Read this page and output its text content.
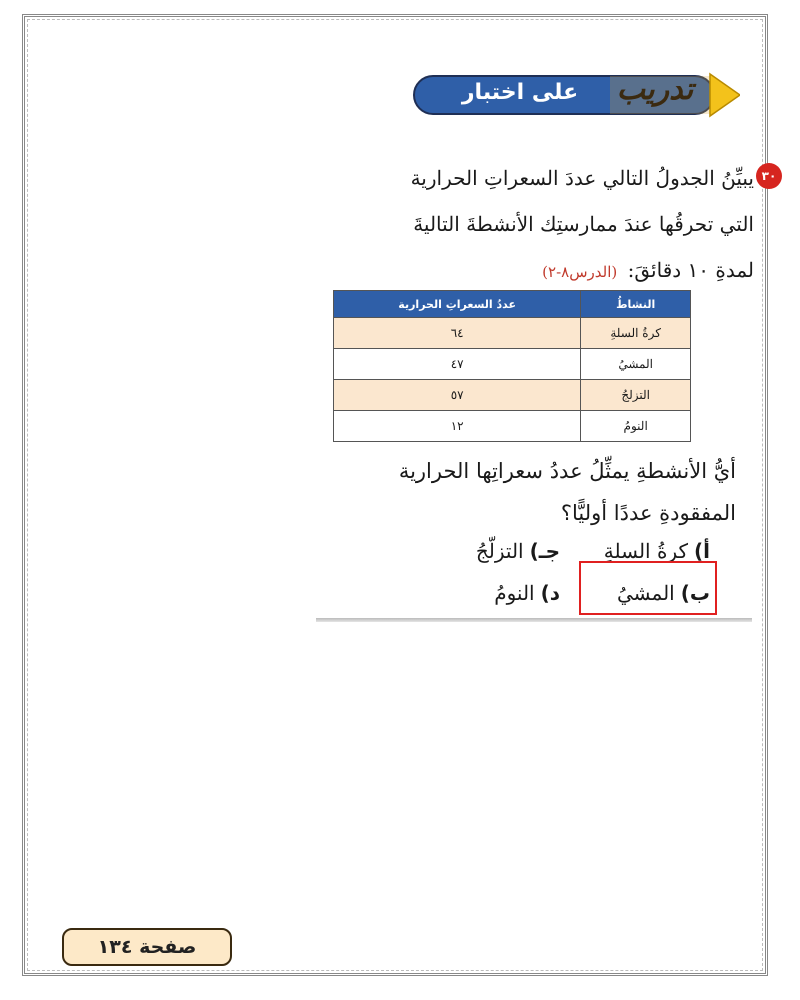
على اختبار	تدريب
٣٠
يبيِّنُ الجدولُ التالي عددَ السعراتِ الحرارية
التي تحرقُها عندَ ممارستِك الأنشطةَ التاليةَ
لمدةِ ١٠ دقائقَ: (الدرس٨-٢)
النشاطُ	عددُ السعراتِ الحرارية
كرةُ السلةِ	٦٤
المشيُ	٤٧
التزلجُ	٥٧
النومُ	١٢
أيُّ الأنشطةِ يمثِّلُ عددُ سعراتِها الحرارية
المفقودةِ عددًا أوليًّا؟
أ)كرةُ السلةِ
جـ)التزلّجُ
ب)المشيُ
د)النومُ
صفحة ١٣٤
